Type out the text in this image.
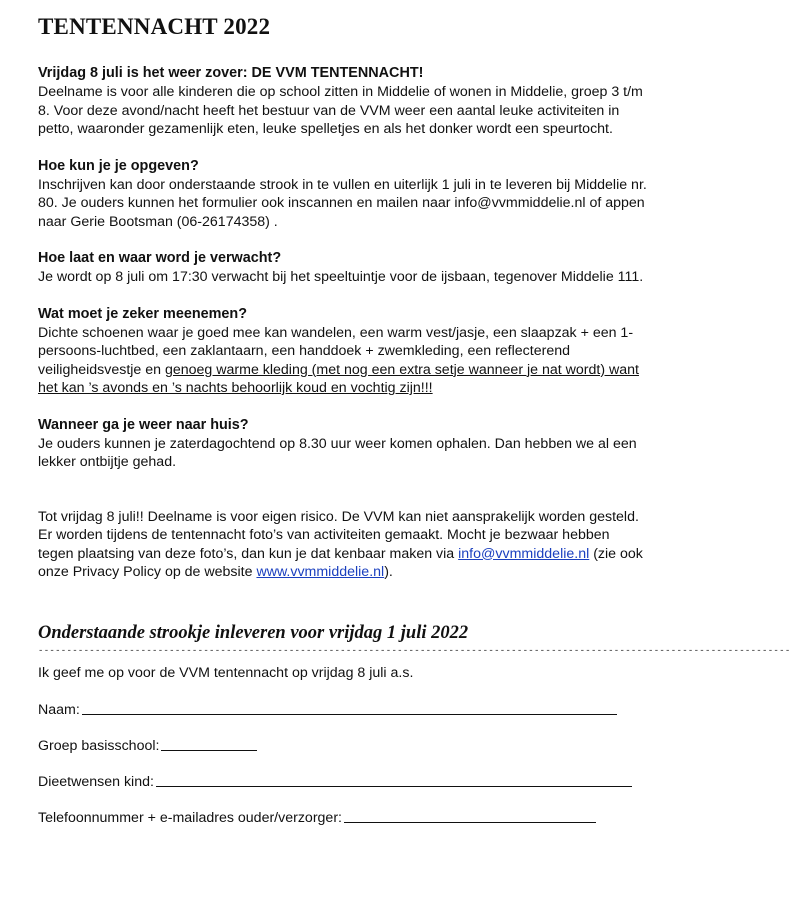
TENTENNACHT 2022

Vrijdag 8 juli is het weer zover: DE VVM TENTENNACHT!

Deelname is voor alle kinderen die op school zitten in Middelie of wonen in Middelie, groep 3 t/m 8. Voor deze avond/nacht heeft het bestuur van de VVM weer een aantal leuke activiteiten in petto, waaronder gezamenlijk eten, leuke spelletjes en als het donker wordt een speurtocht.

Hoe kun je je opgeven?

Inschrijven kan door onderstaande strook in te vullen en uiterlijk 1 juli in te leveren bij Middelie nr. 80. Je ouders kunnen het formulier ook inscannen en mailen naar info@vvmmiddelie.nl of appen naar Gerie Bootsman (06-26174358) .

Hoe laat en waar word je verwacht?

Je wordt op 8 juli om 17:30 verwacht bij het speeltuintje voor de ijsbaan, tegenover Middelie 111.

Wat moet je zeker meenemen?

Dichte schoenen waar je goed mee kan wandelen, een warm vest/jasje, een slaapzak + een 1-persoons-luchtbed, een zaklantaarn, een handdoek + zwemkleding, een reflecterend veiligheidsvestje en genoeg warme kleding (met nog een extra setje wanneer je nat wordt) want het kan ’s avonds en ’s nachts behoorlijk koud en vochtig zijn!!!

Wanneer ga je weer naar huis?

Je ouders kunnen je zaterdagochtend op 8.30 uur weer komen ophalen. Dan hebben we al een lekker ontbijtje gehad.

Tot vrijdag 8 juli!! Deelname is voor eigen risico. De VVM kan niet aansprakelijk worden gesteld. Er worden tijdens de tentennacht foto’s van activiteiten gemaakt. Mocht je bezwaar hebben tegen plaatsing van deze foto’s, dan kun je dat kenbaar maken via info@vvmmiddelie.nl (zie ook onze Privacy Policy op de website www.vvmmiddelie.nl).

Onderstaande strookje inleveren voor vrijdag 1 juli 2022
------------------------------------------------------------------------------------------------------------------------------------

Ik geef me op voor de VVM tentennacht op vrijdag 8 juli a.s.

Naam:
Groep basisschool:
Dieetwensen kind:
Telefoonnummer + e-mailadres ouder/verzorger:
